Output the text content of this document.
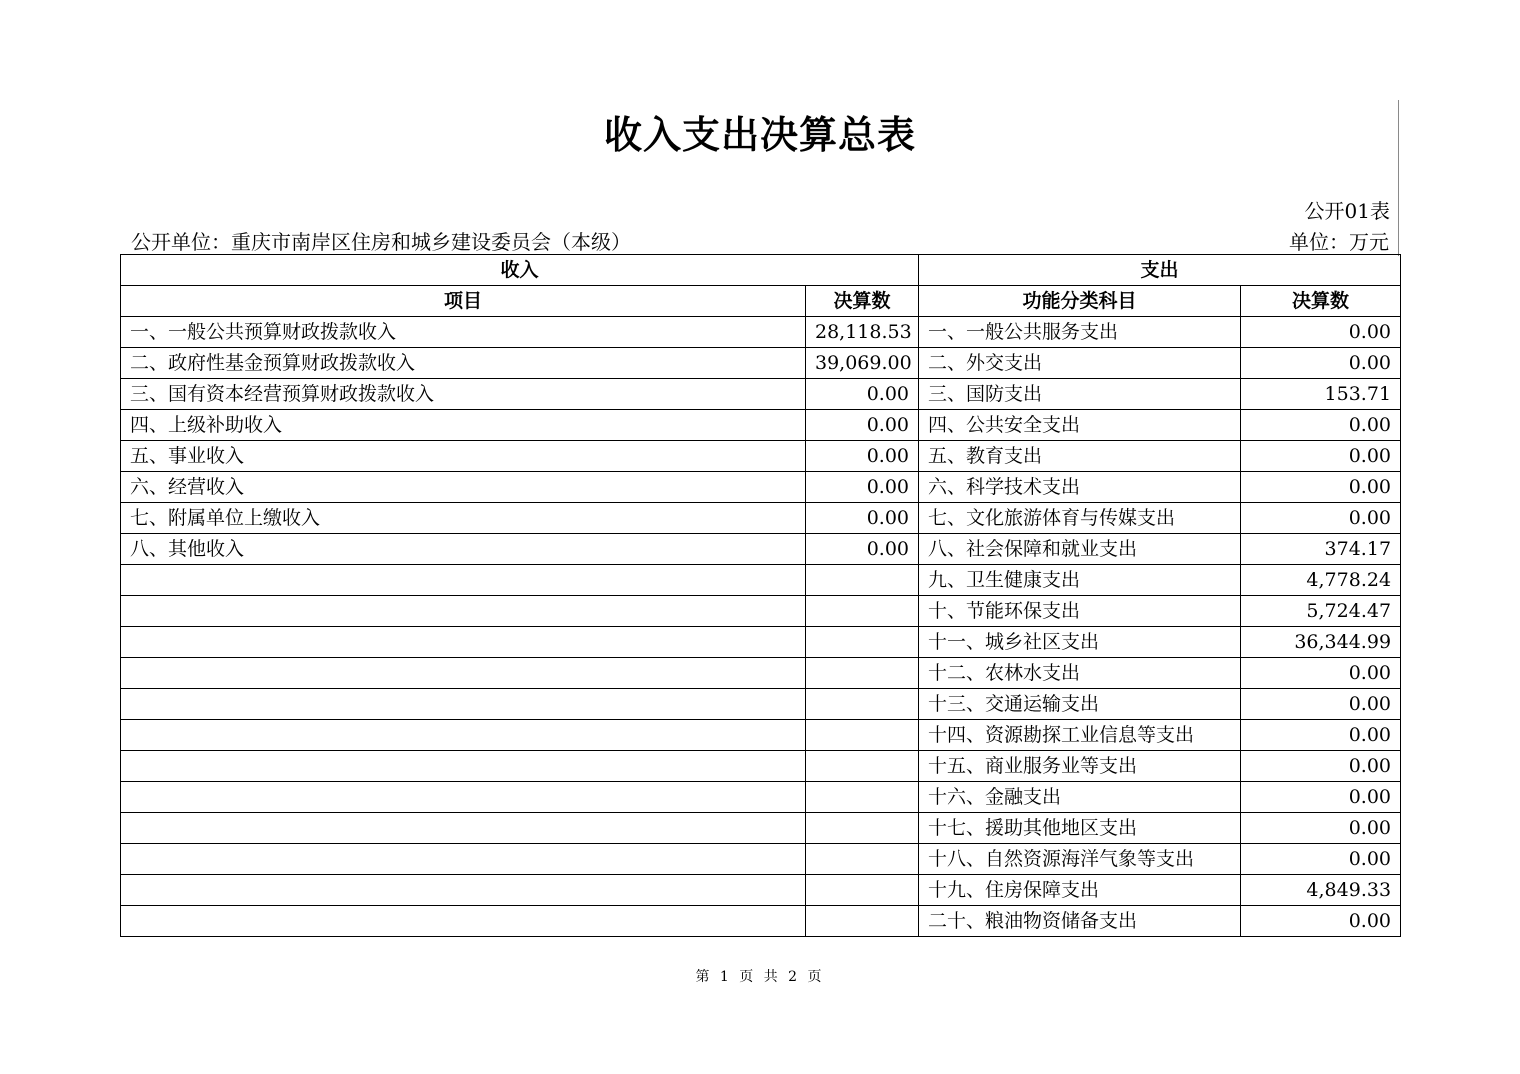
收入支出决算总表
公开01表
公开单位：重庆市南岸区住房和城乡建设委员会（本级）	单位：万元
收入		支出	
项目	决算数	功能分类科目	决算数
一、一般公共预算财政拨款收入	28,118.53	一、一般公共服务支出	0.00
二、政府性基金预算财政拨款收入	39,069.00	二、外交支出	0.00
三、国有资本经营预算财政拨款收入	0.00	三、国防支出	153.71
四、上级补助收入	0.00	四、公共安全支出	0.00
五、事业收入	0.00	五、教育支出	0.00
六、经营收入	0.00	六、科学技术支出	0.00
七、附属单位上缴收入	0.00	七、文化旅游体育与传媒支出	0.00
八、其他收入	0.00	八、社会保障和就业支出	374.17
		九、卫生健康支出	4,778.24
		十、节能环保支出	5,724.47
		十一、城乡社区支出	36,344.99
		十二、农林水支出	0.00
		十三、交通运输支出	0.00
		十四、资源勘探工业信息等支出	0.00
		十五、商业服务业等支出	0.00
		十六、金融支出	0.00
		十七、援助其他地区支出	0.00
		十八、自然资源海洋气象等支出	0.00
		十九、住房保障支出	4,849.33
		二十、粮油物资储备支出	0.00
第 1 页 共 2 页
